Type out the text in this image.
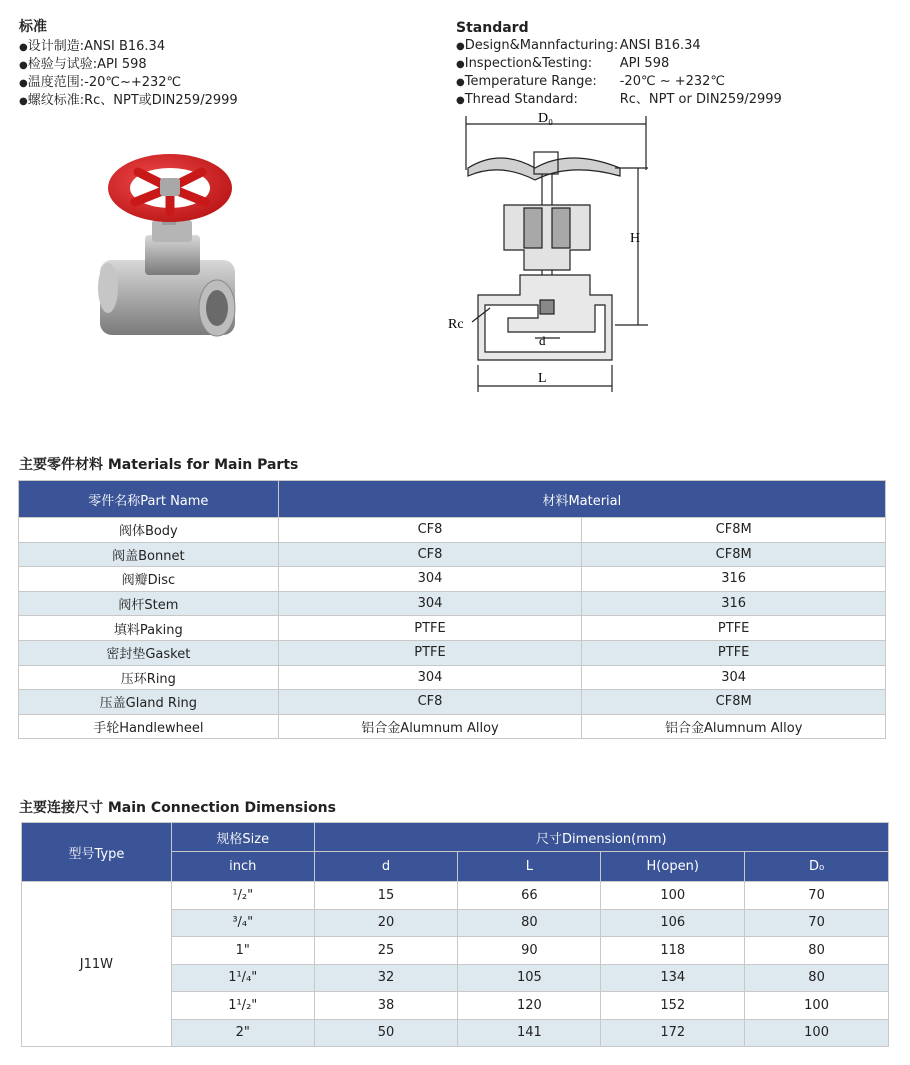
标准
●设计制造:ANSI B16.34
●检验与试验:API 598
●温度范围:-20℃~+232℃
●螺纹标准:Rc、NPT或DIN259/2999
Standard
●Design&Mannfacturing:ANSI B16.34
●Inspection&Testing: API 598
●Temperature Range: -20℃ ~ +232℃
●Thread Standard:	Rc、NPT or DIN259/2999
D₀
H
Rc
d
L
主要零件材料 Materials for Main Parts
零件名称Part Name	材料Material	
阀体Body	CF8	CF8M
阀盖Bonnet	CF8	CF8M
阀瓣Disc	304	316
阀杆Stem	304	316
填料Paking	PTFE	PTFE
密封垫Gasket	PTFE	PTFE
压环Ring	304	304
压盖Gland Ring	CF8	CF8M
手轮Handlewheel	铝合金Alumnum Alloy	铝合金Alumnum Alloy
主要连接尺寸 Main Connection Dimensions
型号Type	规格Size	尺寸Dimension(mm)			
	inch	d	L	H(open)	D₀
J11W	¹/₂"	15	66	100	70
	³/₄"	20	80	106	70
	1"	25	90	118	80
	1¹/₄"	32	105	134	80
	1¹/₂"	38	120	152	100
	2"	50	141	172	100
